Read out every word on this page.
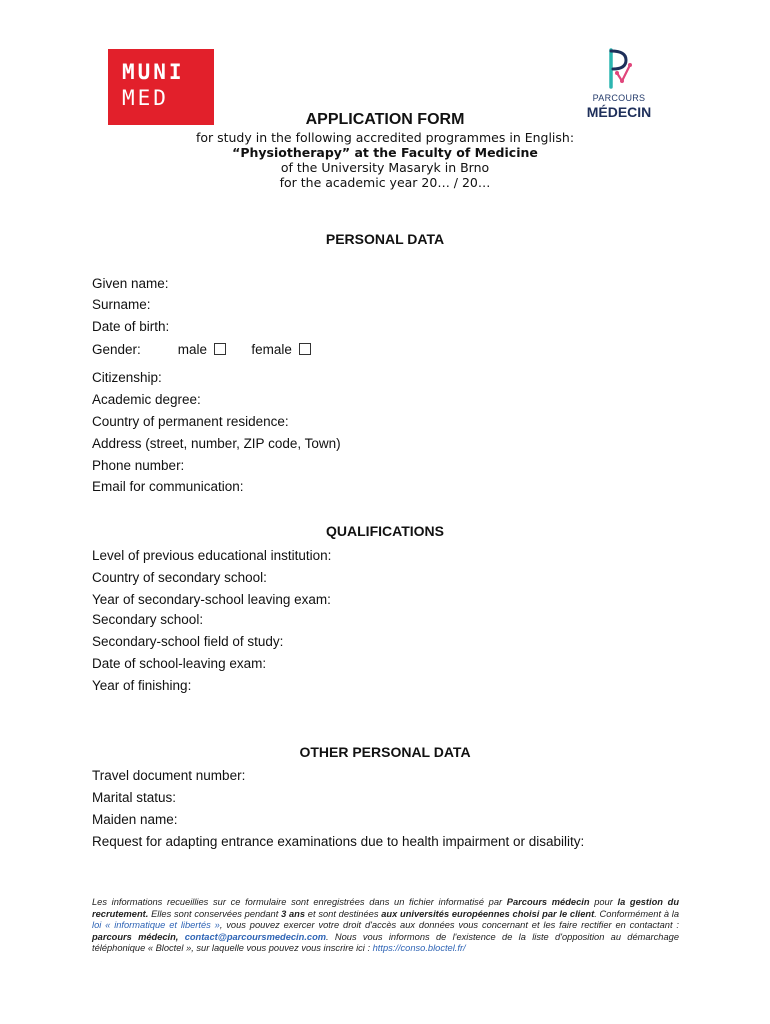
MUNI
MED	PARCOURS
MÉDECIN
APPLICATION FORM
for study in the following accredited programmes in English:
“Physiotherapy” at the Faculty of Medicine
of the University Masaryk in Brno
for the academic year 20… / 20…
PERSONAL DATA
Given name:
Surname:
Date of birth:
Gender:	male	female
Citizenship:
Academic degree:
Country of permanent residence:
Address (street, number, ZIP code, Town)
Phone number:
Email for communication:
QUALIFICATIONS
Level of previous educational institution:
Country of secondary school:
Year of secondary-school leaving exam:
Secondary school:
Secondary-school field of study:
Date of school-leaving exam:
Year of finishing:
OTHER PERSONAL DATA
Travel document number:
Marital status:
Maiden name:
Request for adapting entrance examinations due to health impairment or disability:
Les informations recueillies sur ce formulaire sont enregistrées dans un fichier informatisé par Parcours médecin pour la gestion du recrutement. Elles sont conservées pendant 3 ans et sont destinées aux universités européennes choisi par le client. Conformément à la loi « informatique et libertés », vous pouvez exercer votre droit d'accès aux données vous concernant et les faire rectifier en contactant : parcours médecin, contact@parcoursmedecin.com. Nous vous informons de l'existence de la liste d'opposition au démarchage téléphonique « Bloctel », sur laquelle vous pouvez vous inscrire ici : https://conso.bloctel.fr/
